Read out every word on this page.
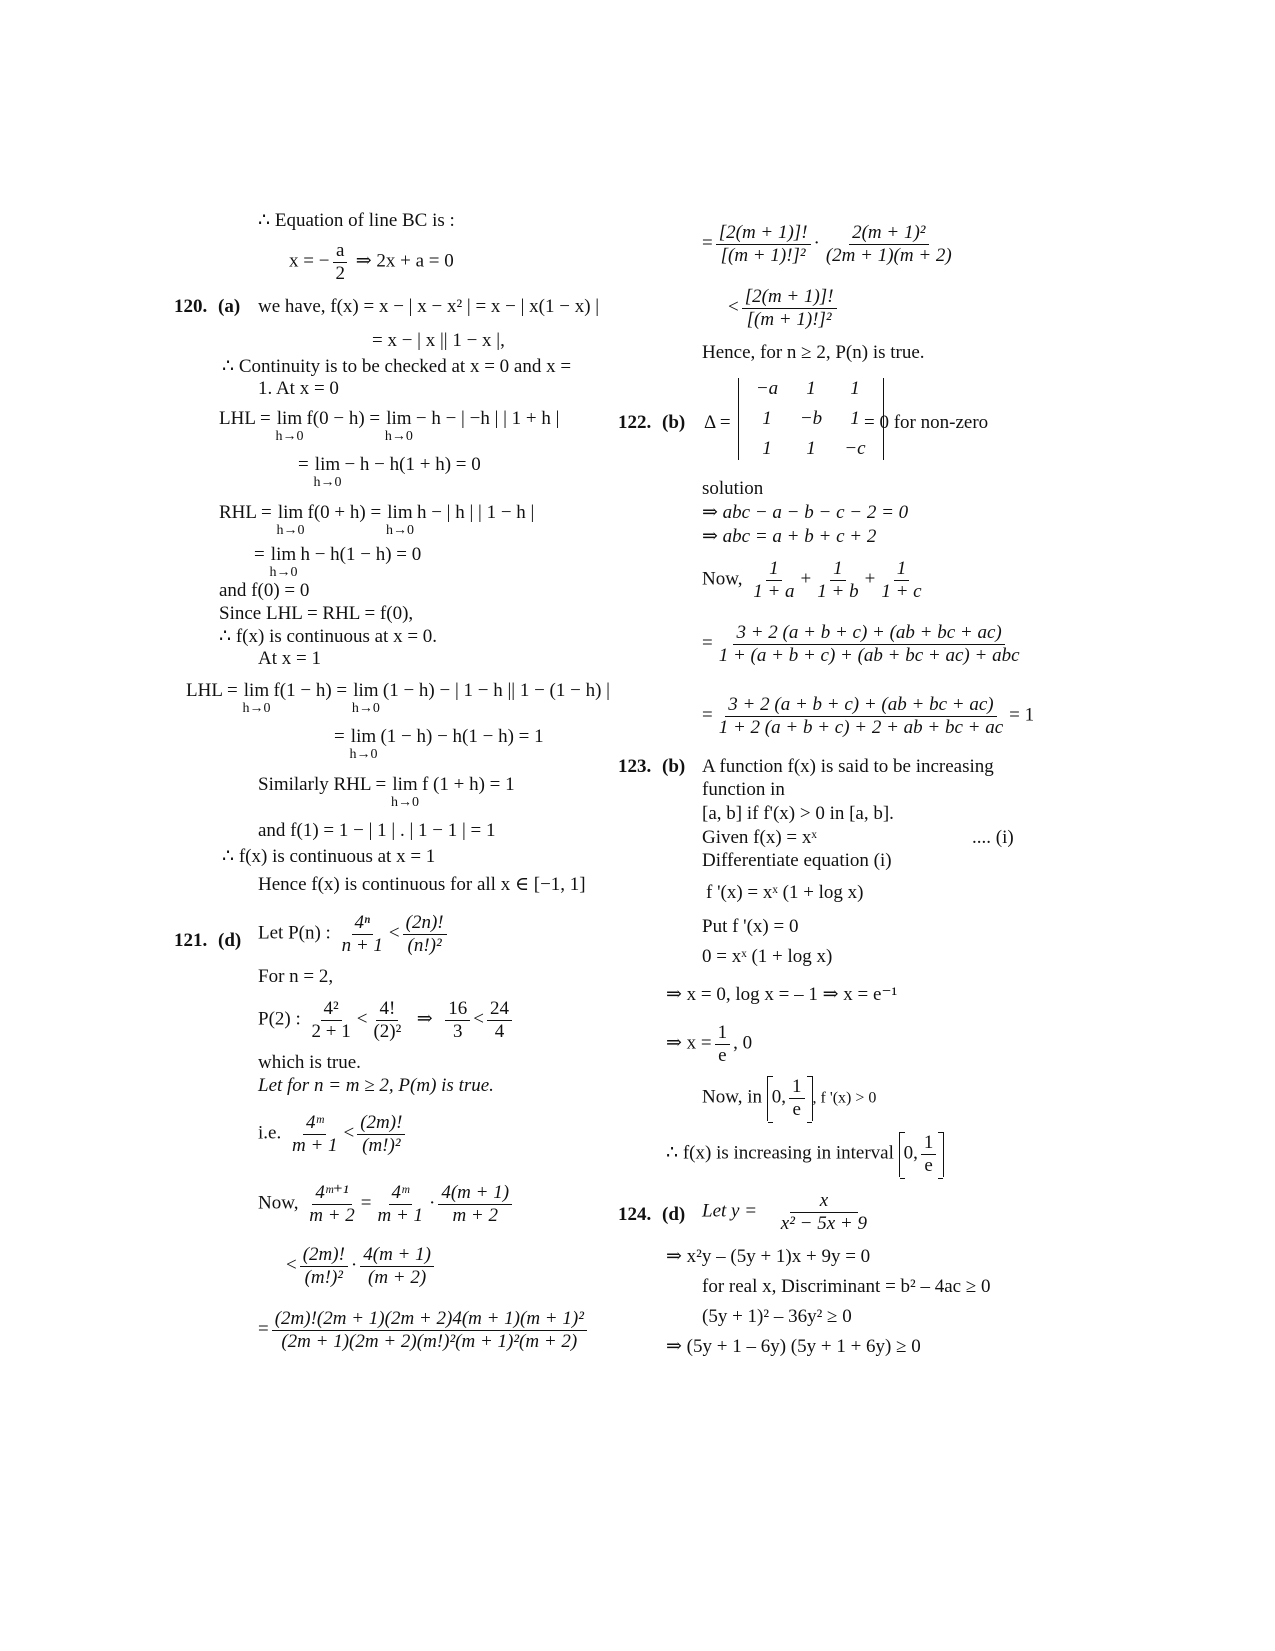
∴ Equation of line BC is :
x = − $\frac{a}{2}$ ⇒ 2x + a = 0
120. (a) we have, f(x) = x − | x − x² | = x − | x(1 − x) |
= x − | x || 1 − x |,
∴ Continuity is to be checked at x = 0 and x =
1. At x = 0
LHL = lim
h→0
f(0 − h) = lim
h→0
− h − | −h | | 1 + h |
= lim
h→0
− h − h(1 + h) = 0
RHL = lim
h→0
f(0 + h) = lim
h→0
h − | h | | 1 − h |
= lim
h→0
h − h(1 − h) = 0
and f(0) = 0
Since LHL = RHL = f(0),
∴ f(x) is continuous at x = 0.
At x = 1
LHL = lim
h→0
f(1 − h) = lim
h→0
(1 − h) − | 1 − h || 1 − (1 − h) |
= lim
h→0
(1 − h) − h(1 − h) = 1
Similarly RHL = lim
h→0
f (1 + h) = 1
and f(1) = 1 − | 1 | . | 1 − 1 | = 1
∴ f(x) is continuous at x = 1
Hence f(x) is continuous for all x ∈ [−1, 1]
121. (d) Let P(n) : $\frac{\text{4ⁿ}}{n + 1} < \frac{(2n)!}{\text{(n!)²}}$
For n = 2,
P(2) : $\frac{\text{4²}}{2 + 1} < \frac{4!}{\text{(2)²}}$ ⇒ $\frac{16}{3} < \frac{24}{4}$
which is true.
Let for n = m ≥ 2, P(m) is true.
i.e. $\frac{\text{4ᵐ}}{m + 1} < \frac{(2m)!}{\text{(m!)²}}$
Now, $\frac{\text{4ᵐ⁺¹}}{m + 2} = \frac{\text{4ᵐ}}{m + 1} \cdot \frac{4(m + 1)}{m + 2}$
< $\frac{(2m)!}{\text{(m!)²}} \cdot \frac{4(m + 1)}{(m + 2)}$
= $\frac{\text{(2m)!(2m + 1)(2m + 2)4(m + 1)(m + 1)²}}{\text{(2m + 1)(2m + 2)(m!)²(m + 1)²(m + 2)}}$
= $\frac{[2(m + 1)]!}{\text{[(m + 1)!]²}} \cdot \frac{\text{2(m + 1)²}}{(2m + 1)(m + 2)}$
< $\frac{[2(m + 1)]!}{\text{[(m + 1)!]²}}$
Hence, for n ≥ 2, P(n) is true.
122. (b) Δ =
−a	1	1
1	−b	1
1	1	−c
= 0 for non-zero
solution
⇒ abc − a − b − c − 2 = 0
⇒ abc = a + b + c + 2
Now, $\frac{1}{1 + a} + \frac{1}{1 + b} + \frac{1}{1 + c}$
= $\frac{3 + 2 (a + b + c) + (ab + bc + ac)}{\text{1 + (a + b + c) + (ab + bc + ac) + abc}}$
= $\frac{3 + 2 (a + b + c) + (ab + bc + ac)}{1 + 2 (a + b + c) + 2 + ab + bc + ac} = 1$
123. (b) A function f(x) is said to be increasing
function in
[a, b] if f'(x) > 0 in [a, b].
Given f(x) = xˣ	.... (i)
Differentiate equation (i)
f '(x) = xˣ (1 + log x)
Put f '(x) = 0
0 = xˣ (1 + log x)
⇒ x = 0, log x = – 1 ⇒ x = e⁻¹
⇒ $x = \frac{1}{e}$ , 0
Now, in 0, $\frac{1}{e}$ , f '(x) > 0
∴ f(x) is increasing in interval 0, $\frac{1}{e}$
124. (d) Let $y = \frac{x}{\text{x² − 5x + 9}}$
⇒ x²y – (5y + 1)x + 9y = 0
for real x, Discriminant = b² – 4ac ≥ 0
(5y + 1)² – 36y² ≥ 0
⇒ (5y + 1 – 6y) (5y + 1 + 6y) ≥ 0
